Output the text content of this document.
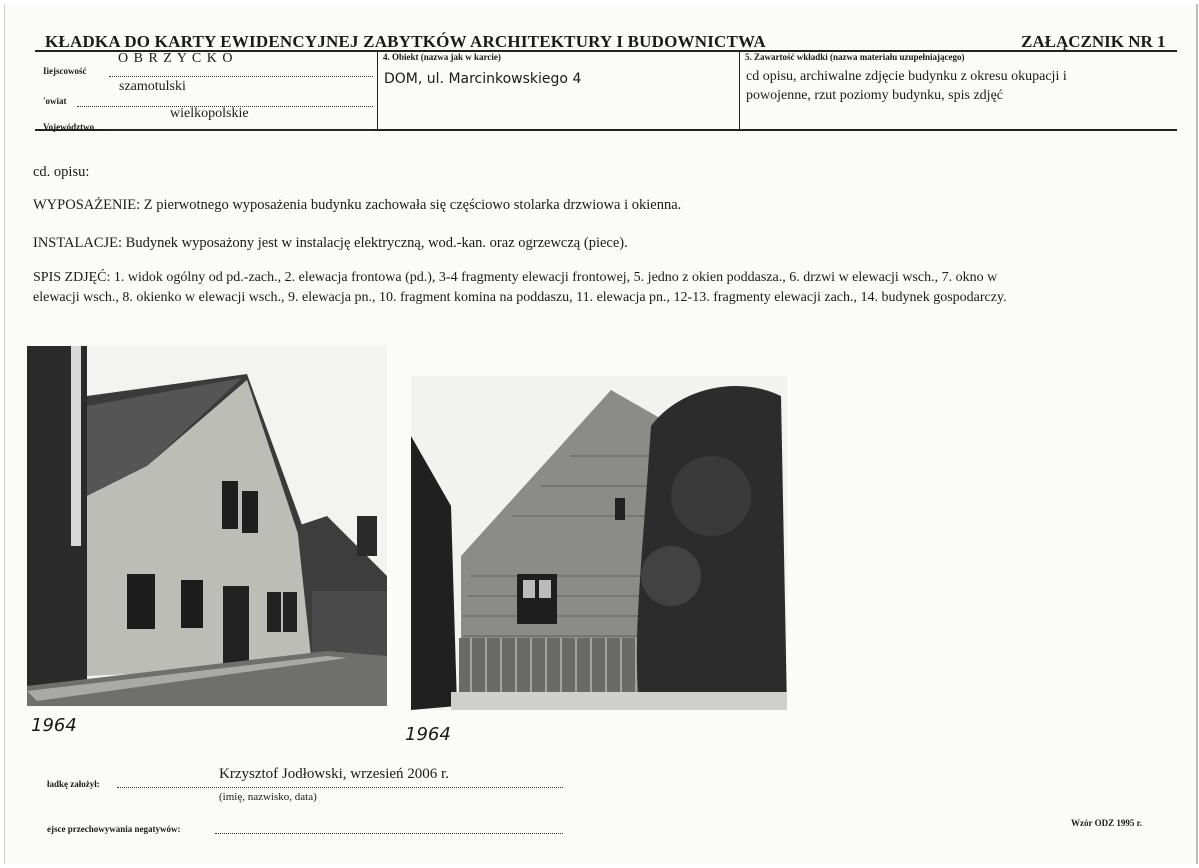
KŁADKA DO KARTY EWIDENCYJNEJ ZABYTKÓW ARCHITEKTURY I BUDOWNICTWA	ZAŁĄCZNIK NR 1
Iiejscowość
O B R Z Y C K O
'owiat
szamotulski
Vojewództwo
wielkopolskie
4. Obiekt (nazwa jak w karcie)
DOM, ul. Marcinkowskiego 4
5. Zawartość wkładki (nazwa materiału uzupełniającego)
cd opisu, archiwalne zdjęcie budynku z okresu okupacji i
powojenne, rzut poziomy budynku, spis zdjęć
cd. opisu:
WYPOSAŻENIE: Z pierwotnego wyposażenia budynku zachowała się częściowo stolarka drzwiowa i okienna.
INSTALACJE: Budynek wyposażony jest w instalację elektryczną, wod.-kan. oraz ogrzewczą (piece).
SPIS ZDJĘĆ: 1. widok ogólny od pd.-zach., 2. elewacja frontowa (pd.), 3-4 fragmenty elewacji frontowej, 5. jedno z okien poddasza., 6. drzwi w elewacji wsch., 7. okno w
elewacji wsch., 8. okienko w elewacji wsch., 9. elewacja pn., 10. fragment komina na poddaszu, 11. elewacja pn., 12-13. fragmenty elewacji zach., 14. budynek gospodarczy.
1964	1964
ładkę założył:
Krzysztof Jodłowski, wrzesień 2006 r.
(imię, nazwisko, data)
ejsce przechowywania negatywów:
Wzór ODZ 1995 r.
